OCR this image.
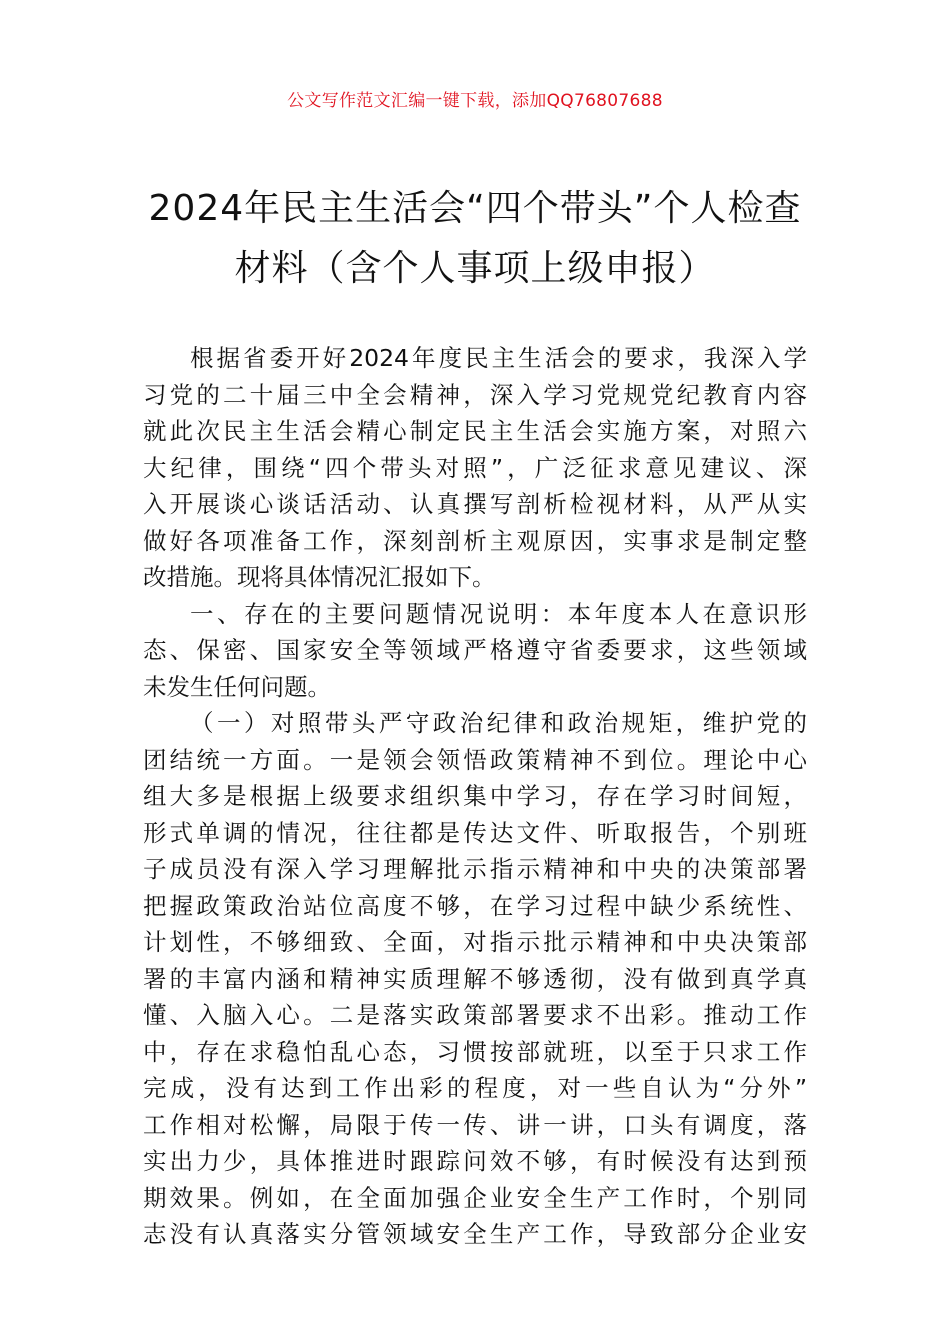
公文写作范文汇编一键下载，添加QQ76807688
2024年民主生活会“四个带头”个人检查
材料（含个人事项上级申报）
根据省委开好2024年度民主生活会的要求，我深入学
习党的二十届三中全会精神，深入学习党规党纪教育内容
就此次民主生活会精心制定民主生活会实施方案，对照六
大纪律，围绕“四个带头对照”，广泛征求意见建议、深
入开展谈心谈话活动、认真撰写剖析检视材料，从严从实
做好各项准备工作，深刻剖析主观原因，实事求是制定整
改措施。现将具体情况汇报如下。
一、存在的主要问题情况说明：本年度本人在意识形
态、保密、国家安全等领域严格遵守省委要求，这些领域
未发生任何问题。
（一）对照带头严守政治纪律和政治规矩，维护党的
团结统一方面。一是领会领悟政策精神不到位。理论中心
组大多是根据上级要求组织集中学习，存在学习时间短，
形式单调的情况，往往都是传达文件、听取报告，个别班
子成员没有深入学习理解批示指示精神和中央的决策部署
把握政策政治站位高度不够，在学习过程中缺少系统性、
计划性，不够细致、全面，对指示批示精神和中央决策部
署的丰富内涵和精神实质理解不够透彻，没有做到真学真
懂、入脑入心。二是落实政策部署要求不出彩。推动工作
中，存在求稳怕乱心态，习惯按部就班，以至于只求工作
完成，没有达到工作出彩的程度，对一些自认为“分外”
工作相对松懈，局限于传一传、讲一讲，口头有调度，落
实出力少，具体推进时跟踪问效不够，有时候没有达到预
期效果。例如，在全面加强企业安全生产工作时，个别同
志没有认真落实分管领域安全生产工作，导致部分企业安
